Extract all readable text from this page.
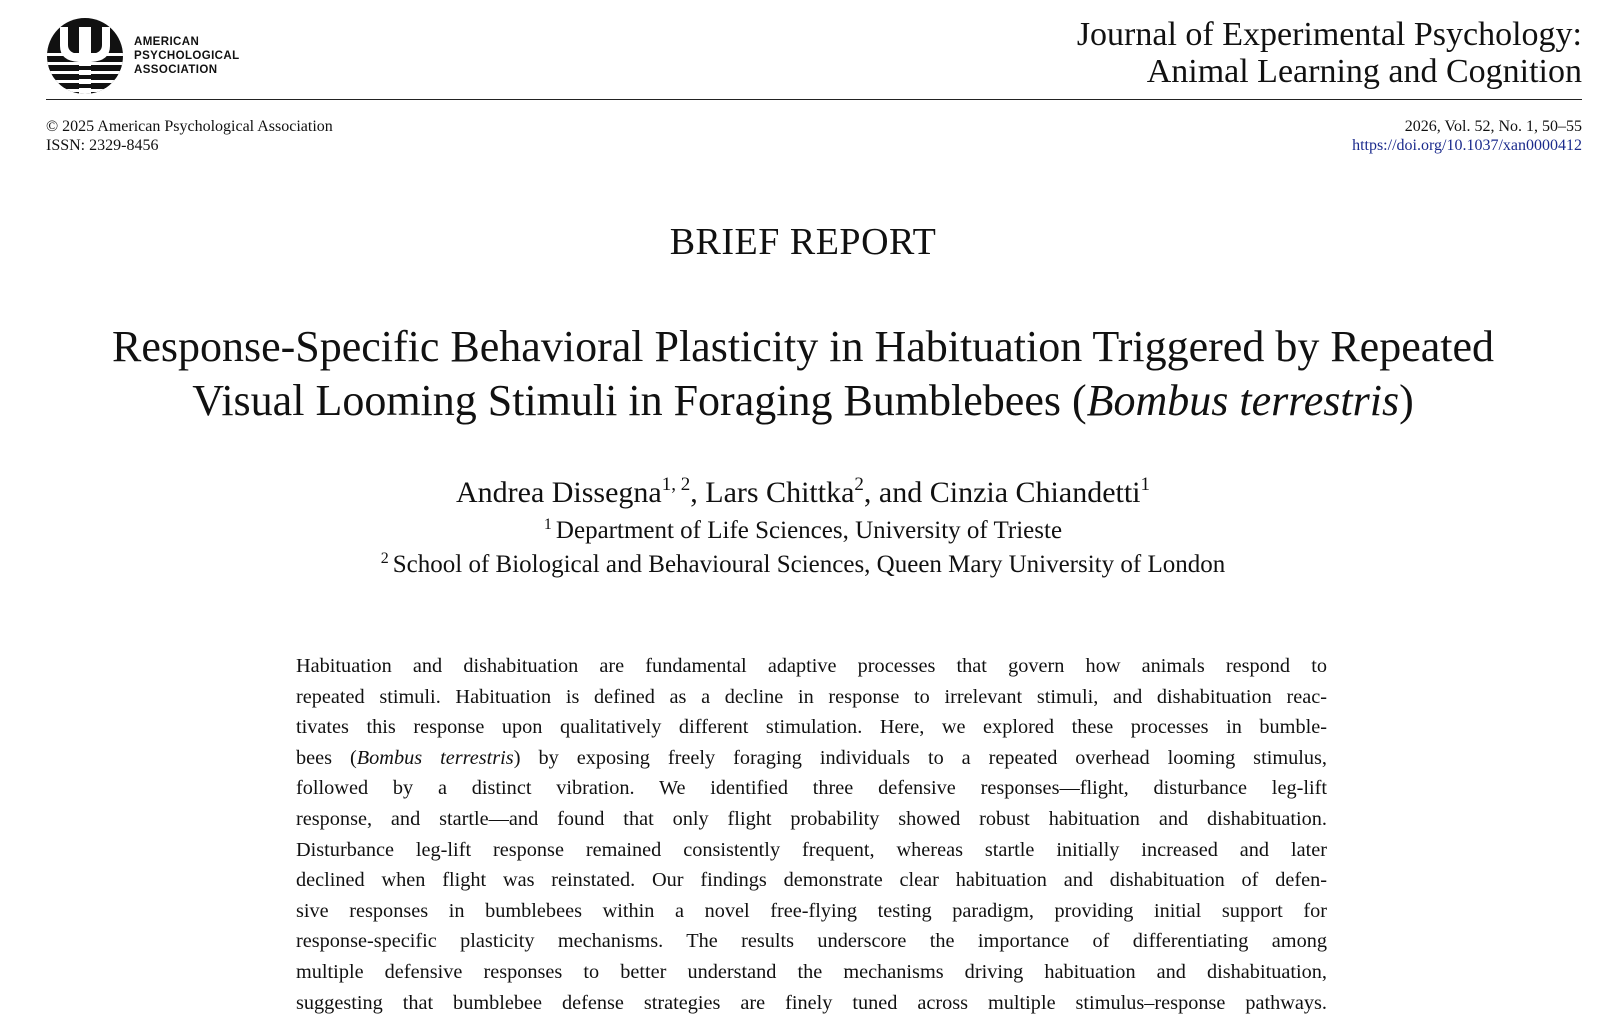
AMERICAN
PSYCHOLOGICAL
ASSOCIATION
Journal of Experimental Psychology:
Animal Learning and Cognition
© 2025 American Psychological Association
ISSN: 2329-8456
2026, Vol. 52, No. 1, 50–55
https://doi.org/10.1037/xan0000412
BRIEF REPORT
Response-Specific Behavioral Plasticity in Habituation Triggered by Repeated
Visual Looming Stimuli in Foraging Bumblebees (Bombus terrestris)
Andrea Dissegna$^{1, 2}$, Lars Chittka$^2$, and Cinzia Chiandetti$^1$
$^1$ Department of Life Sciences, University of Trieste
$^2$ School of Biological and Behavioural Sciences, Queen Mary University of London

Habituation and dishabituation are fundamental adaptive processes that govern how animals respond to
repeated stimuli. Habituation is defined as a decline in response to irrelevant stimuli, and dishabituation reac-
tivates this response upon qualitatively different stimulation. Here, we explored these processes in bumble-
bees (Bombus terrestris) by exposing freely foraging individuals to a repeated overhead looming stimulus,
followed by a distinct vibration. We identified three defensive responses—flight, disturbance leg-lift
response, and startle—and found that only flight probability showed robust habituation and dishabituation.
Disturbance leg-lift response remained consistently frequent, whereas startle initially increased and later
declined when flight was reinstated. Our findings demonstrate clear habituation and dishabituation of defen-
sive responses in bumblebees within a novel free-flying testing paradigm, providing initial support for
response-specific plasticity mechanisms. The results underscore the importance of differentiating among
multiple defensive responses to better understand the mechanisms driving habituation and dishabituation,
suggesting that bumblebee defense strategies are finely tuned across multiple stimulus–response pathways.
